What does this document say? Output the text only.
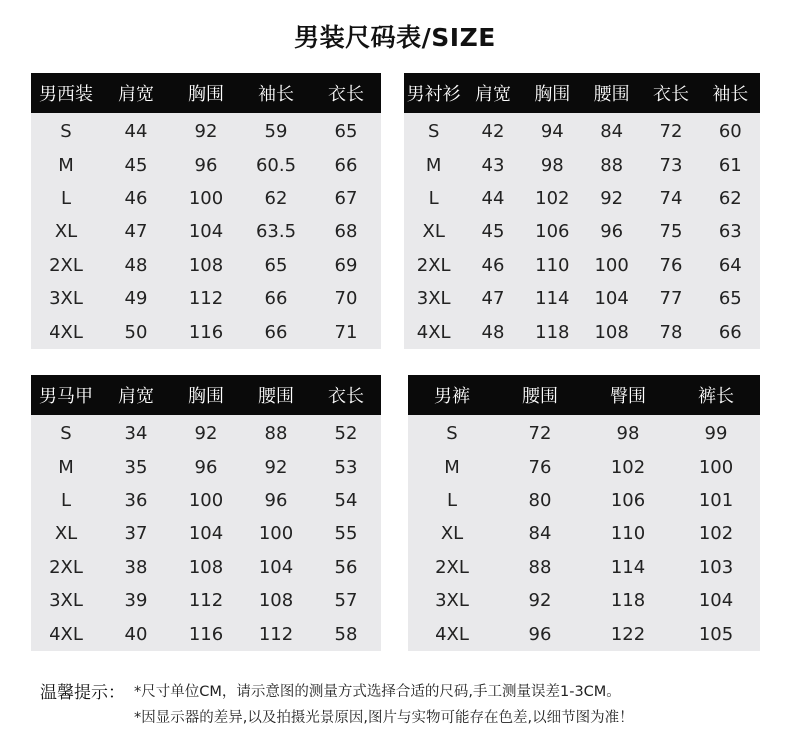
男装尺码表/SIZE
男西装	肩宽	胸围	袖长	衣长
S	44	92	59	65
M	45	96	60.5	66
L	46	100	62	67
XL	47	104	63.5	68
2XL	48	108	65	69
3XL	49	112	66	70
4XL	50	116	66	71
男衬衫	肩宽	胸围	腰围	衣长	袖长
S	42	94	84	72	60
M	43	98	88	73	61
L	44	102	92	74	62
XL	45	106	96	75	63
2XL	46	110	100	76	64
3XL	47	114	104	77	65
4XL	48	118	108	78	66
男马甲	肩宽	胸围	腰围	衣长
S	34	92	88	52
M	35	96	92	53
L	36	100	96	54
XL	37	104	100	55
2XL	38	108	104	56
3XL	39	112	108	57
4XL	40	116	112	58
男裤	腰围	臀围	裤长
S	72	98	99
M	76	102	100
L	80	106	101
XL	84	110	102
2XL	88	114	103
3XL	92	118	104
4XL	96	122	105
温馨提示： *尺寸单位CM，请示意图的测量方式选择合适的尺码,手工测量误差1-3CM。
*因显示器的差异,以及拍摄光景原因,图片与实物可能存在色差,以细节图为准！
